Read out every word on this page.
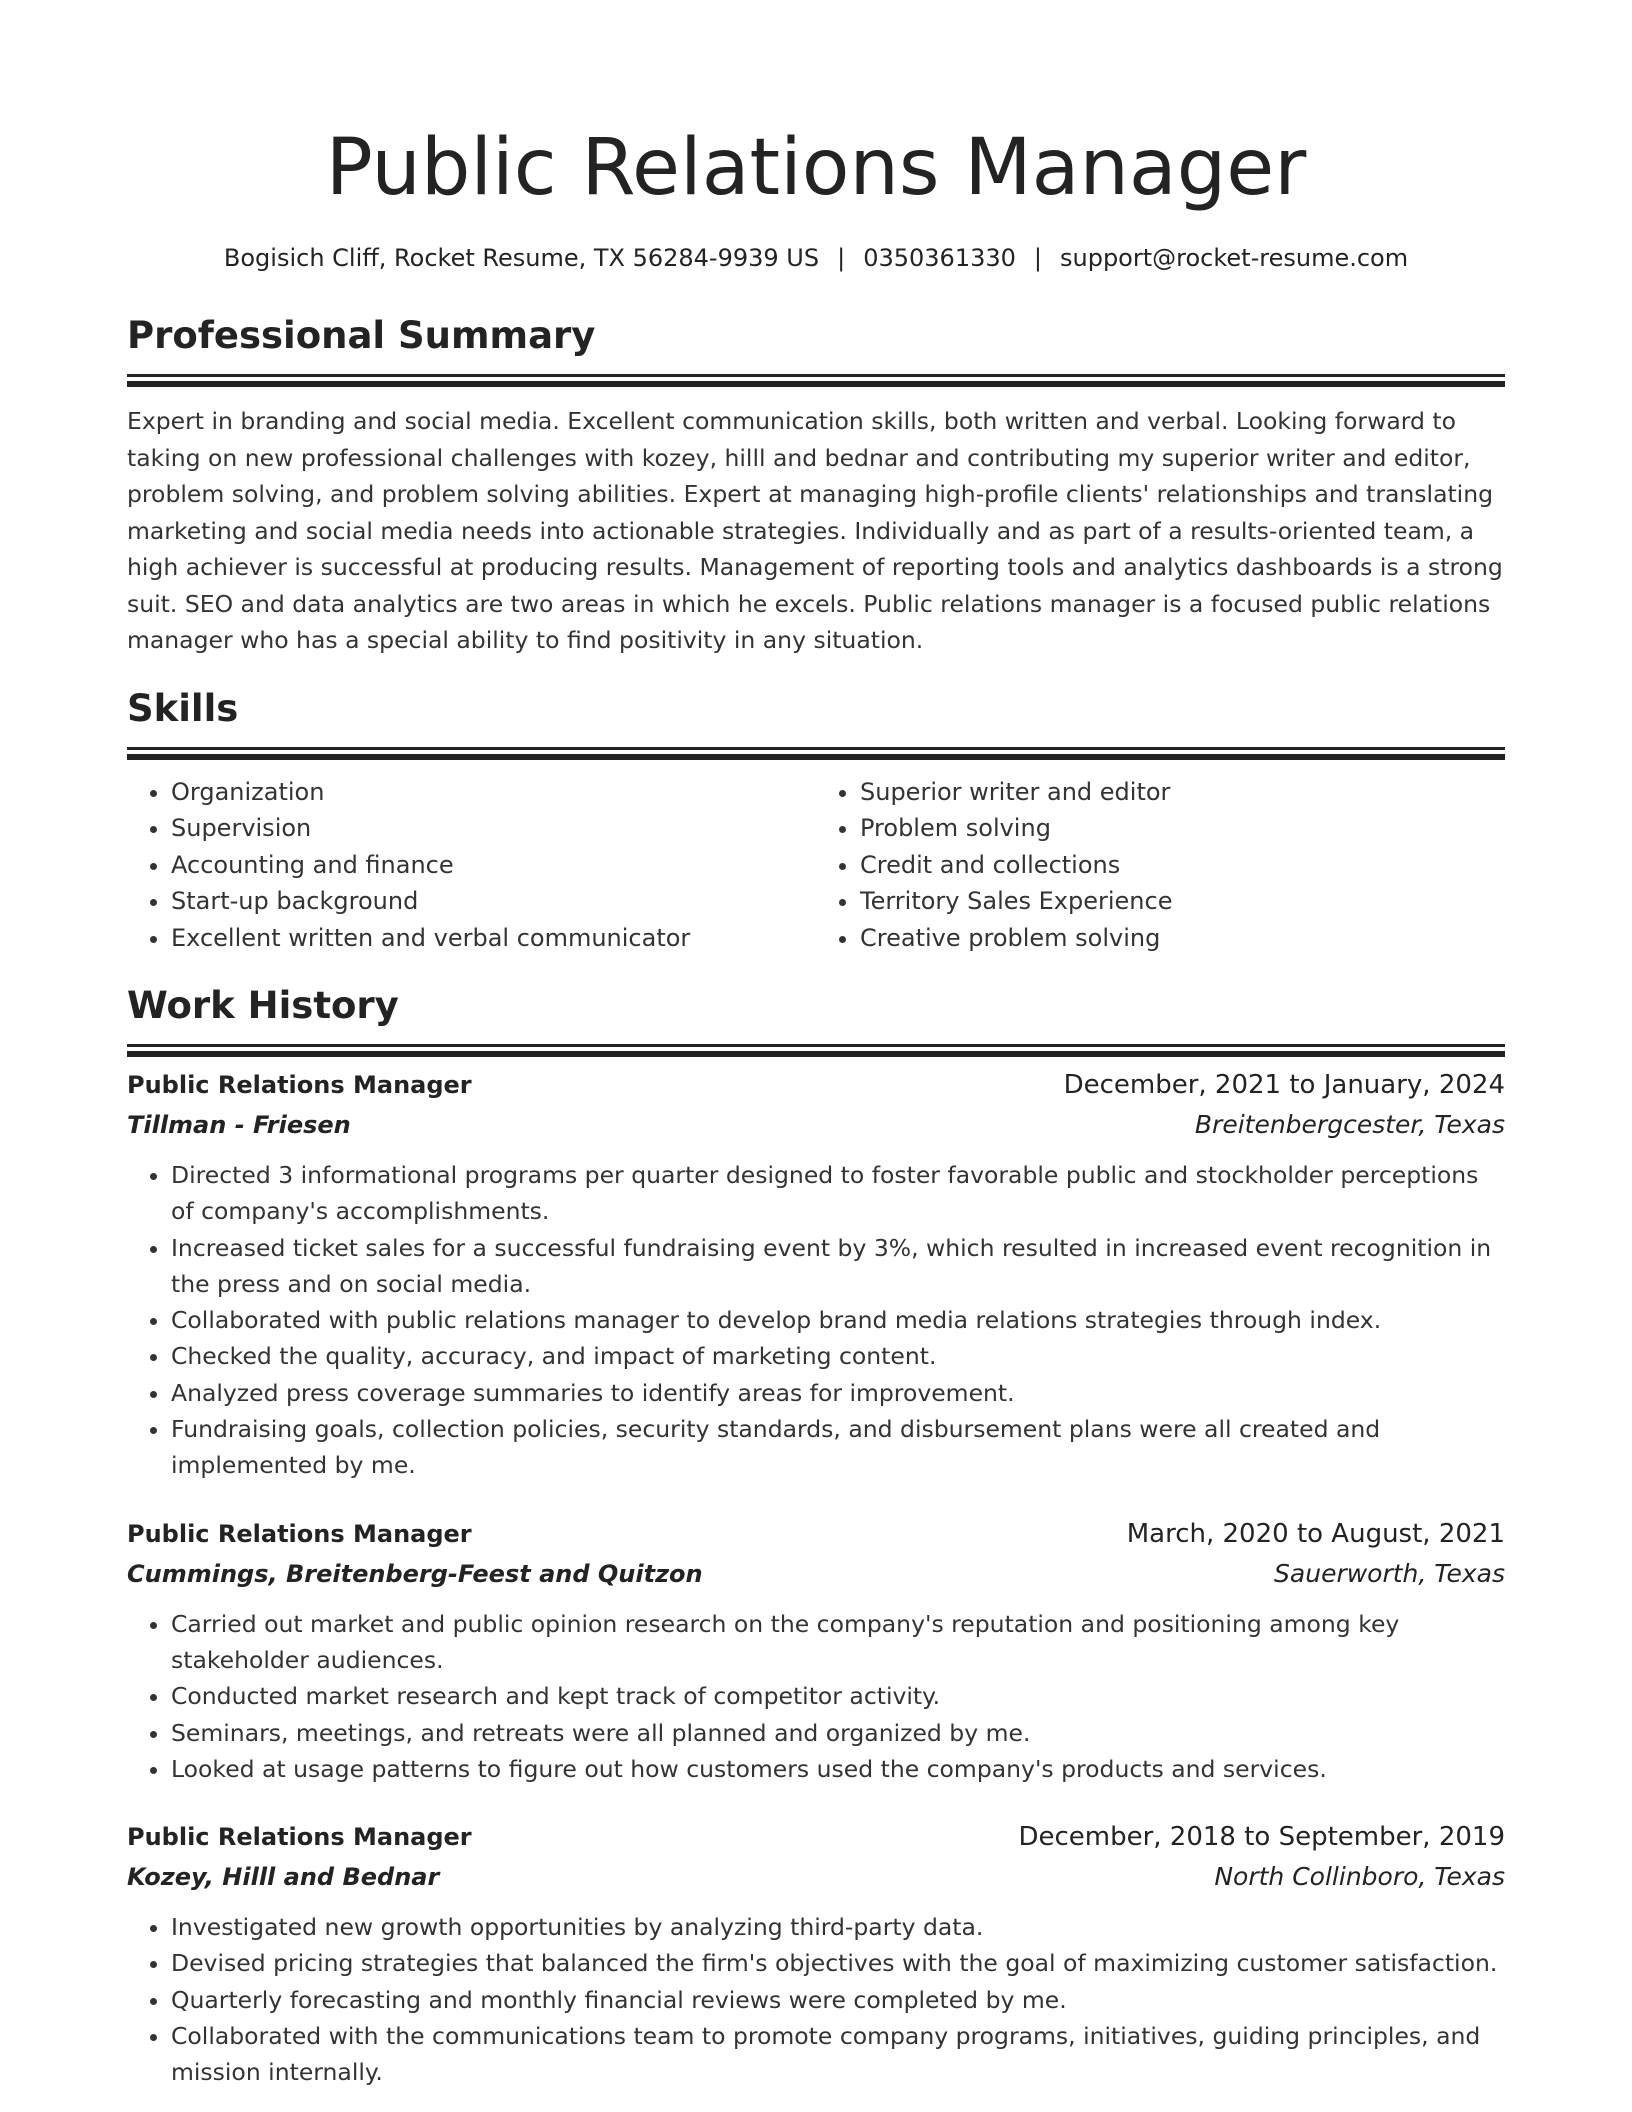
Public Relations Manager
Bogisich Cliff, Rocket Resume, TX 56284-9939 US | 0350361330 | support@rocket-resume.com
Professional Summary

Expert in branding and social media. Excellent communication skills, both written and verbal. Looking forward to taking on new professional challenges with kozey, hilll and bednar and contributing my superior writer and editor, problem solving, and problem solving abilities. Expert at managing high-profile clients' relationships and translating marketing and social media needs into actionable strategies. Individually and as part of a results-oriented team, a high achiever is successful at producing results. Management of reporting tools and analytics dashboards is a strong suit. SEO and data analytics are two areas in which he excels. Public relations manager is a focused public relations manager who has a special ability to find positivity in any situation.

Skills
• Organization
• Supervision
• Accounting and finance
• Start-up background
• Excellent written and verbal communicator
• Superior writer and editor
• Problem solving
• Credit and collections
• Territory Sales Experience
• Creative problem solving
Work History
Public Relations Manager	December, 2021 to January, 2024
Tillman - Friesen	Breitenbergcester, Texas
• Directed 3 informational programs per quarter designed to foster favorable public and stockholder perceptions of company's accomplishments.
• Increased ticket sales for a successful fundraising event by 3%, which resulted in increased event recognition in the press and on social media.
• Collaborated with public relations manager to develop brand media relations strategies through index.
• Checked the quality, accuracy, and impact of marketing content.
• Analyzed press coverage summaries to identify areas for improvement.
• Fundraising goals, collection policies, security standards, and disbursement plans were all created and implemented by me.
Public Relations Manager	March, 2020 to August, 2021
Cummings, Breitenberg-Feest and Quitzon	Sauerworth, Texas
• Carried out market and public opinion research on the company's reputation and positioning among key stakeholder audiences.
• Conducted market research and kept track of competitor activity.
• Seminars, meetings, and retreats were all planned and organized by me.
• Looked at usage patterns to figure out how customers used the company's products and services.
Public Relations Manager	December, 2018 to September, 2019
Kozey, Hilll and Bednar	North Collinboro, Texas
• Investigated new growth opportunities by analyzing third-party data.
• Devised pricing strategies that balanced the firm's objectives with the goal of maximizing customer satisfaction.
• Quarterly forecasting and monthly financial reviews were completed by me.
• Collaborated with the communications team to promote company programs, initiatives, guiding principles, and mission internally.
